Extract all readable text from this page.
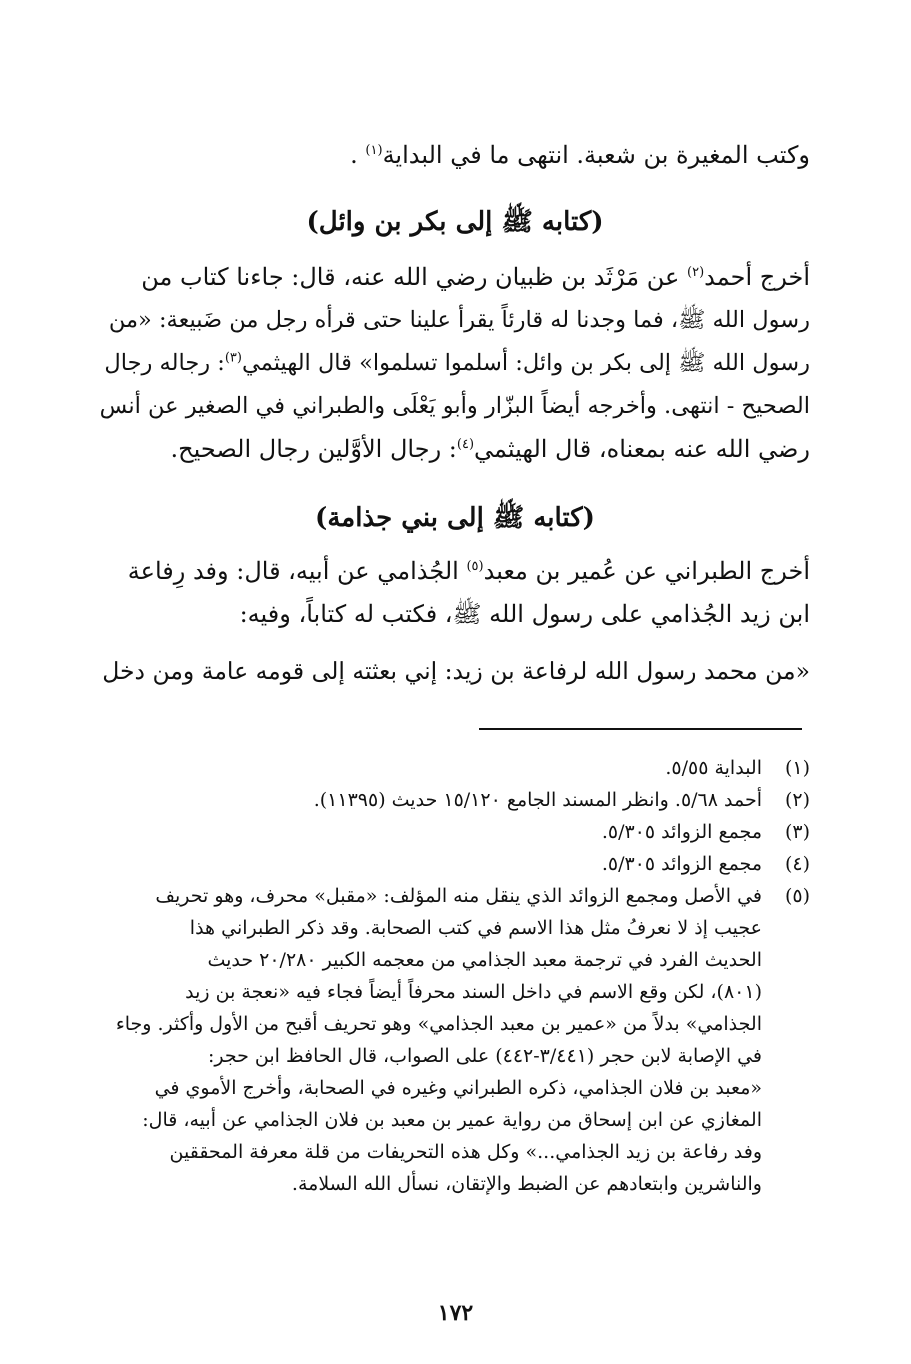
وكتب المغيرة بن شعبة. انتهى ما في البداية$^{(١)}$ .
(كتابه ﷺ إلى بكر بن وائل)
أخرج أحمد$^{(٢)}$ عن مَرْثَد بن ظبيان رضي الله عنه، قال: جاءنا كتاب من
رسول الله ﷺ، فما وجدنا له قارئاً يقرأ علينا حتى قرأه رجل من ضَبيعة: «من
رسول الله ﷺ إلى بكر بن وائل: أسلموا تسلموا» قال الهيثمي$^{(٣)}$: رجاله رجال
الصحيح - انتهى. وأخرجه أيضاً البزّار وأبو يَعْلَى والطبراني في الصغير عن أنس
رضي الله عنه بمعناه، قال الهيثمي$^{(٤)}$: رجال الأوَّلين رجال الصحيح.
(كتابه ﷺ إلى بني جذامة)
أخرج الطبراني عن عُمير بن معبد$^{(٥)}$ الجُذامي عن أبيه، قال: وفد رِفاعة
ابن زيد الجُذامي على رسول الله ﷺ، فكتب له كتاباً، وفيه:
«من محمد رسول الله لرفاعة بن زيد: إني بعثته إلى قومه عامة ومن دخل
(١)
البداية ٥/٥٥.
(٢)
أحمد ٥/٦٨. وانظر المسند الجامع ١٥/١٢٠ حديث (١١٣٩٥).
(٣)
مجمع الزوائد ٥/٣٠٥.
(٤)
مجمع الزوائد ٥/٣٠٥.
(٥)
في الأصل ومجمع الزوائد الذي ينقل منه المؤلف: «مقبل» محرف، وهو تحريف
عجيب إذ لا نعرفُ مثل هذا الاسم في كتب الصحابة. وقد ذكر الطبراني هذا
الحديث الفرد في ترجمة معبد الجذامي من معجمه الكبير ٢٠/٢٨٠ حديث
(٨٠١)، لكن وقع الاسم في داخل السند محرفاً أيضاً فجاء فيه «نعجة بن زيد
الجذامي» بدلاً من «عمير بن معبد الجذامي» وهو تحريف أقبح من الأول وأكثر. وجاء
في الإصابة لابن حجر (٣/٤٤١-٤٤٢) على الصواب، قال الحافظ ابن حجر:
«معبد بن فلان الجذامي، ذكره الطبراني وغيره في الصحابة، وأخرج الأموي في
المغازي عن ابن إسحاق من رواية عمير بن معبد بن فلان الجذامي عن أبيه، قال:
وفد رفاعة بن زيد الجذامي...» وكل هذه التحريفات من قلة معرفة المحققين
والناشرين وابتعادهم عن الضبط والإتقان، نسأل الله السلامة.
١٧٢
